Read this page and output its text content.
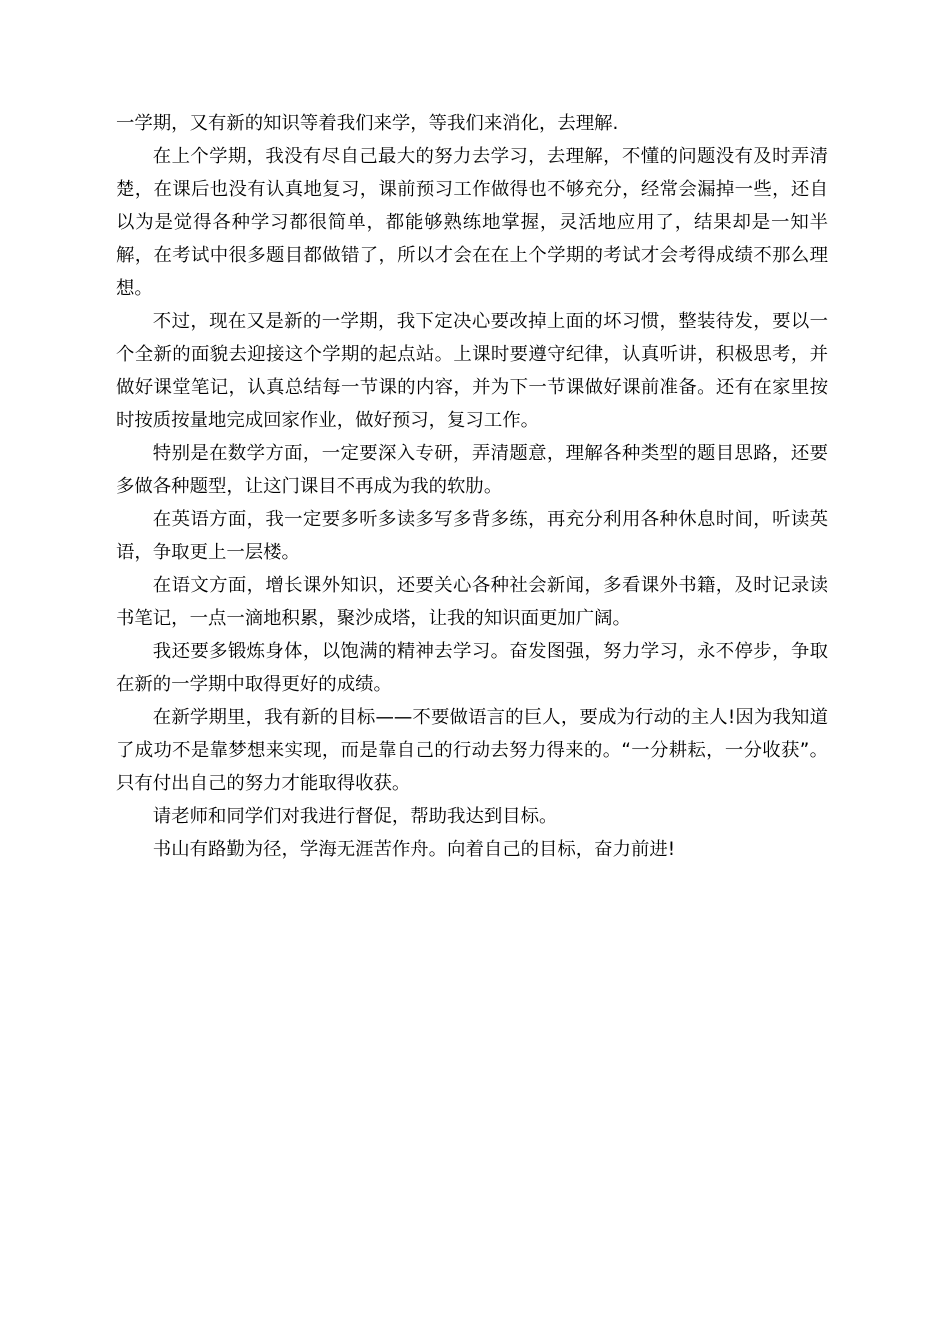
一学期，又有新的知识等着我们来学，等我们来消化，去理解.

在上个学期，我没有尽自己最大的努力去学习，去理解，不懂的问题没有及时弄清楚，在课后也没有认真地复习，课前预习工作做得也不够充分，经常会漏掉一些，还自以为是觉得各种学习都很简单，都能够熟练地掌握，灵活地应用了，结果却是一知半解，在考试中很多题目都做错了，所以才会在在上个学期的考试才会考得成绩不那么理想。

不过，现在又是新的一学期，我下定决心要改掉上面的坏习惯，整装待发，要以一个全新的面貌去迎接这个学期的起点站。上课时要遵守纪律，认真听讲，积极思考，并做好课堂笔记，认真总结每一节课的内容，并为下一节课做好课前准备。还有在家里按时按质按量地完成回家作业，做好预习，复习工作。

特别是在数学方面，一定要深入专研，弄清题意，理解各种类型的题目思路，还要多做各种题型，让这门课目不再成为我的软肋。

在英语方面，我一定要多听多读多写多背多练，再充分利用各种休息时间，听读英语，争取更上一层楼。

在语文方面，增长课外知识，还要关心各种社会新闻，多看课外书籍，及时记录读书笔记，一点一滴地积累，聚沙成塔，让我的知识面更加广阔。

我还要多锻炼身体，以饱满的精神去学习。奋发图强，努力学习，永不停步，争取在新的一学期中取得更好的成绩。

在新学期里，我有新的目标——不要做语言的巨人，要成为行动的主人!因为我知道了成功不是靠梦想来实现，而是靠自己的行动去努力得来的。“一分耕耘，一分收获”。只有付出自己的努力才能取得收获。

请老师和同学们对我进行督促，帮助我达到目标。

书山有路勤为径，学海无涯苦作舟。向着自己的目标，奋力前进!
